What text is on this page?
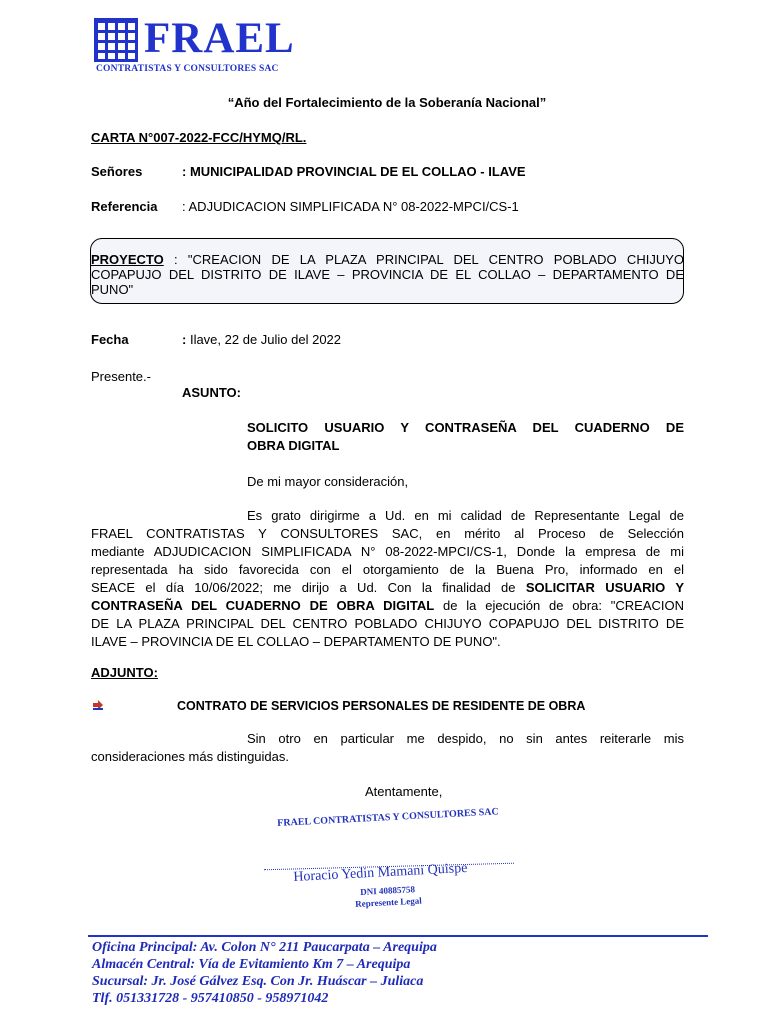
FRAEL
CONTRATISTAS Y CONSULTORES SAC
“Año del Fortalecimiento de la Soberanía Nacional”
CARTA N°007-2022-FCC/HYMQ/RL.
Señores	: MUNICIPALIDAD PROVINCIAL DE EL COLLAO - ILAVE
Referencia : ADJUDICACION SIMPLIFICADA N° 08-2022-MPCI/CS-1
PROYECTO : "CREACION DE LA PLAZA PRINCIPAL DEL CENTRO POBLADO CHIJUYO
COPAPUJO DEL DISTRITO DE ILAVE – PROVINCIA DE EL COLLAO – DEPARTAMENTO DE
PUNO"
Fecha	: Ilave, 22 de Julio del 2022
Presente.-
ASUNTO:
SOLICITO USUARIO Y CONTRASEÑA DEL CUADERNO DE
OBRA DIGITAL
De mi mayor consideración,
Es grato dirigirme a Ud. en mi calidad de Representante Legal de
FRAEL CONTRATISTAS Y CONSULTORES SAC, en mérito al Proceso de Selección
mediante ADJUDICACION SIMPLIFICADA N° 08-2022-MPCI/CS-1, Donde la empresa de mi
representada ha sido favorecida con el otorgamiento de la Buena Pro, informado en el
SEACE el día 10/06/2022; me dirijo a Ud. Con la finalidad de SOLICITAR USUARIO Y
CONTRASEÑA DEL CUADERNO DE OBRA DIGITAL de la ejecución de obra: "CREACION
DE LA PLAZA PRINCIPAL DEL CENTRO POBLADO CHIJUYO COPAPUJO DEL DISTRITO DE
ILAVE – PROVINCIA DE EL COLLAO – DEPARTAMENTO DE PUNO".
ADJUNTO:
CONTRATO DE SERVICIOS PERSONALES DE RESIDENTE DE OBRA
Sin otro en particular me despido, no sin antes reiterarle mis
consideraciones más distinguidas.
Atentamente,
FRAEL CONTRATISTAS Y CONSULTORES SAC
Horacio Yedin Mamani Quispe
DNI 40885758
Represente Legal
Oficina Principal: Av. Colon N° 211 Paucarpata – Arequipa
Almacén Central: Vía de Evitamiento Km 7 – Arequipa
Sucursal: Jr. José Gálvez Esq. Con Jr. Huáscar – Juliaca
Tlf. 051331728 - 957410850 - 958971042
